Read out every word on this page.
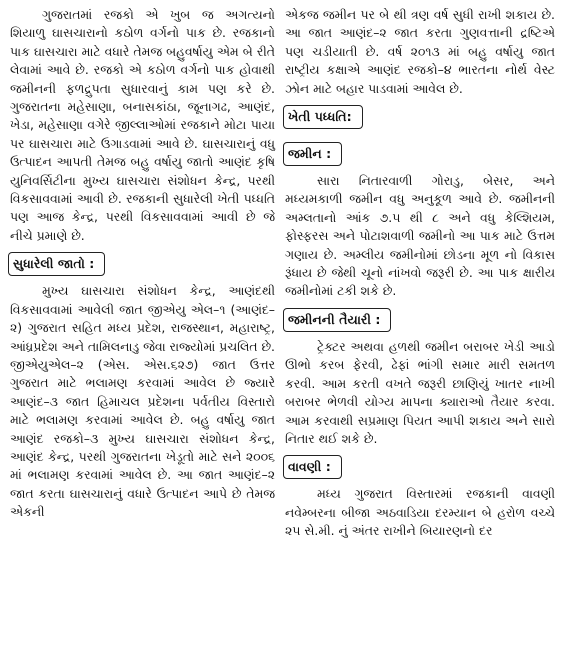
ગુજરાતમાં રજકો એ ખુબ જ અગત્યનો શિયાળુ ઘાસચારાનો કઠોળ વર્ગનો પાક છે. રજકાનો પાક ઘાસચારા માટે વધારે તેમજ બહુવર્ષાયુ એમ બે રીતે લેવામાં આવે છે. રજકો એ કઠોળ વર્ગનો પાક હોવાથી જમીનની ફળદ્રુપતા સુધારવાનું કામ પણ કરે છે. ગુજરાતના મહેસાણા, બનાસકાંઠા, જૂનાગઢ, આણંદ, ખેડા, મહેસાણા વગેરે જીલ્લાઓમાં રજકાને મોટા પાયા પર ઘાસચારા માટે ઉગાડવામાં આવે છે. ઘાસચારાનું વધુ ઉત્પાદન આપતી તેમજ બહુ વર્ષાયુ જાતો આણંદ કૃષિ યુનિવર્સિટીના મુખ્ય ઘાસચારા સંશોધન કેન્દ્ર, પરથી વિકસાવવામાં આવી છે. રજકાની સુધારેલી ખેતી પધ્ધતિ પણ આજ કેન્દ્ર, પરથી વિકસાવવામાં આવી છે જે નીચે પ્રમાણે છે.

સુધારેલી જાતો :

મુખ્ય ઘાસચારા સંશોધન કેન્દ્ર, આણંદથી વિકસાવવામાં આવેલી જાત જીએયુ એલ–૧ (આણંદ–૨) ગુજરાત સહિત મધ્ય પ્રદેશ, રાજસ્થાન, મહારાષ્ટ્ર, આંધ્રપ્રદેશ અને તામિલનાડુ જેવા રાજ્યોમાં પ્રચલિત છે. જીએયુએલ–૨ (એસ. એસ.૬૨૭) જાત ઉત્તર ગુજરાત માટે ભલામણ કરવામાં આવેલ છે જ્યારે આણંદ–૩ જાત હિમાચલ પ્રદેશના પર્વતીય વિસ્તારો માટે ભલામણ કરવામાં આવેલ છે. બહુ વર્ષાયુ જાત આણંદ રજકો–૩ મુખ્ય ઘાસચારા સંશોધન કેન્દ્ર, આણંદ કેન્દ્ર, પરથી ગુજરાતના ખેડૂતો માટે સને ૨૦૦૬ માં ભલામણ કરવામાં આવેલ છે. આ જાત આણંદ–૨ જાત કરતા ઘાસચારાનું વધારે ઉત્પાદન આપે છે તેમજ એકની

એકજ જમીન પર બે થી ત્રણ વર્ષ સુધી રાખી શકાય છે. આ જાત આણંદ–૨ જાત કરતા ગુણવત્તાની દ્રષ્ટિએ પણ ચડીયાતી છે. વર્ષ ૨૦૧૩ માં બહુ વર્ષાયુ જાત રાષ્ટ્રીય કક્ષાએ આણંદ રજકો–૪ ભારતના નોર્થ વેસ્ટ ઝોન માટે બહાર પાડવામાં આવેલ છે.

ખેતી પધ્ધતિ:
જમીન :

સારા નિતારવાળી ગોરાડુ, બેસર, અને મધ્યમકાળી જમીન વધુ અનુકૂળ આવે છે. જમીનની અમ્લતાનો આંક ૭.૫ થી ૮ અને વધુ કેલ્શિયમ, ફોસ્ફરસ અને પોટાશવાળી જમીનો આ પાક માટે ઉત્તમ ગણાય છે. અમ્લીય જમીનોમાં છોડના મૂળ નો વિકાસ રૂંધાય છે જેથી ચૂનો નાંખવો જરૂરી છે. આ પાક ક્ષારીય જમીનોમાં ટકી શકે છે.

જમીનની તૈયારી :

ટ્રેક્ટર અથવા હળથી જમીન બરાબર ખેડી આડો ઊભો કરબ ફેરવી, ઢેફાં ભાંગી સમાર મારી સમતળ કરવી. આમ કરતી વખતે જરૂરી છાણિયું ખાતર નાખી બરાબર ભેળવી યોગ્ય માપના ક્યારાઓ તૈયાર કરવા. આમ કરવાથી સપ્રમાણ પિયત આપી શકાય અને સારો નિતાર થઈ શકે છે.

વાવણી :

મધ્ય ગુજરાત વિસ્તારમાં રજકાની વાવણી નવેમ્બરના બીજા અઠવાડિયા દરમ્યાન બે હરોળ વચ્ચે ૨૫ સે.મી. નું અંતર રાખીને બિયારણનો દર
